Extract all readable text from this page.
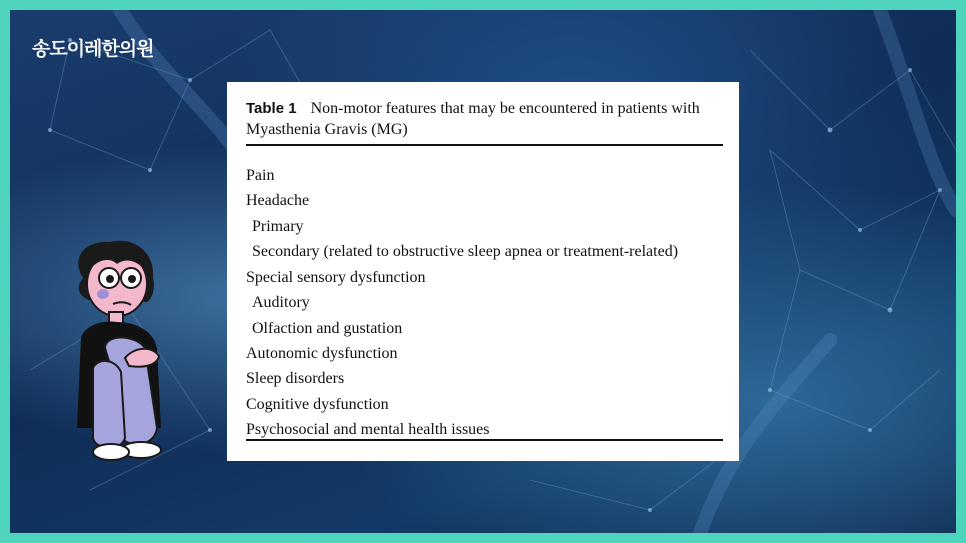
송도이레한의원
Table 1 Non-motor features that may be encountered in patients with Myasthenia Gravis (MG)
Pain
Headache
Primary
Secondary (related to obstructive sleep apnea or treatment-related)
Special sensory dysfunction
Auditory
Olfaction and gustation
Autonomic dysfunction
Sleep disorders
Cognitive dysfunction
Psychosocial and mental health issues
